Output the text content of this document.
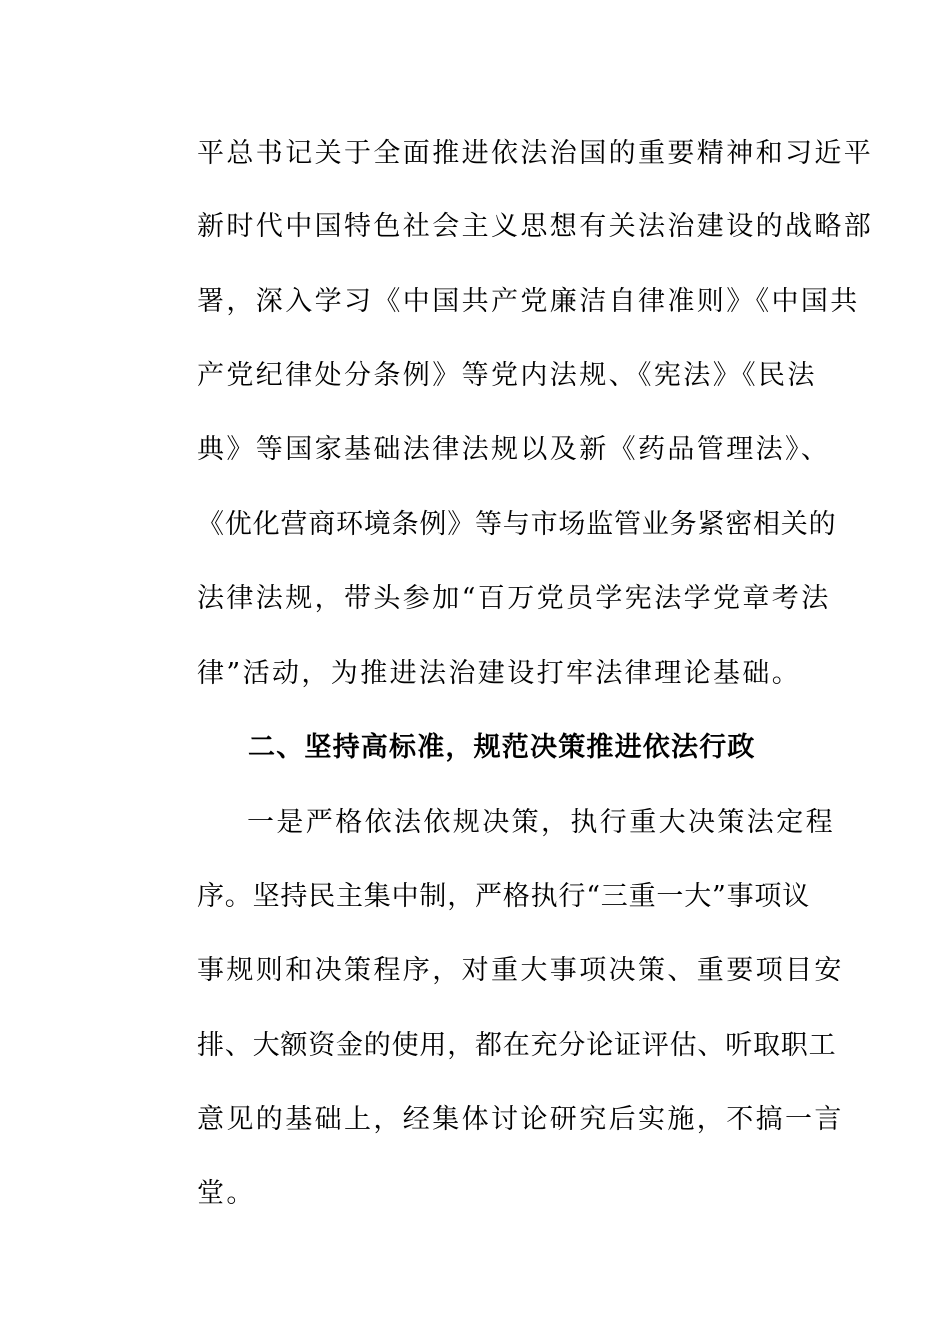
平总书记关于全面推进依法治国的重要精神和习近平
新时代中国特色社会主义思想有关法治建设的战略部
署，深入学习《中国共产党廉洁自律准则》《中国共
产党纪律处分条例》等党内法规、《宪法》《民法
典》等国家基础法律法规以及新《药品管理法》、
《优化营商环境条例》等与市场监管业务紧密相关的
法律法规，带头参加“百万党员学宪法学党章考法
律”活动，为推进法治建设打牢法律理论基础。
二、坚持高标准，规范决策推进依法行政
一是严格依法依规决策，执行重大决策法定程
序。坚持民主集中制，严格执行“三重一大”事项议
事规则和决策程序，对重大事项决策、重要项目安
排、大额资金的使用，都在充分论证评估、听取职工
意见的基础上，经集体讨论研究后实施，不搞一言
堂。
